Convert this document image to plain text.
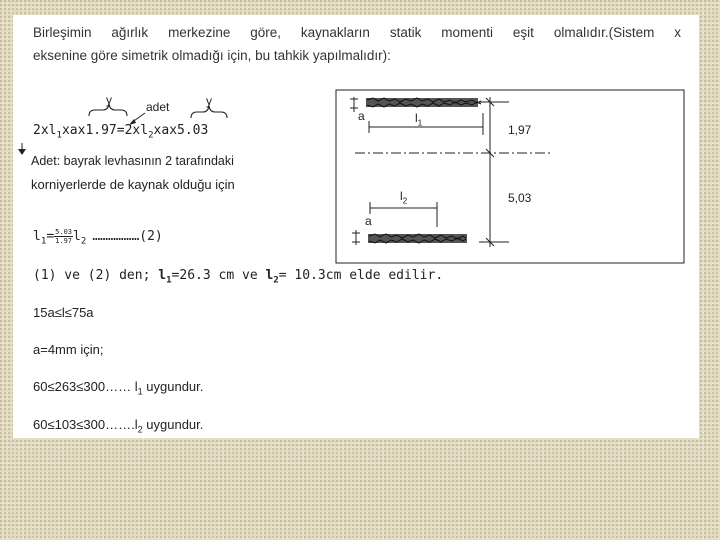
Birleşimin ağırlık merkezine göre, kaynakların statik momenti eşit olmalıdır.(Sistem x
eksenine göre simetrik olmadığı için, bu tahkik yapılmalıdır):
y	adet	y
$2xl_1xax1.97=2xl_2xax5.03$
Adet: bayrak levhasının 2 tarafındaki
korniyerlerde de kaynak olduğu için
$l_1= \frac{5.03}{1.97} l_2$ ………………(2)
(1) ve (2) den; $l_1=26.3$ cm ve $l_2= 10.3cm$ elde edilir.
15a≤l≤75a
a=4mm için;
60≤263≤300…… $l_1$ uygundur.
$60\le 103\le 300\dots\dots.l_2$ uygundur.
a	$l_1$
1,97
$l_2$
a
5,03
